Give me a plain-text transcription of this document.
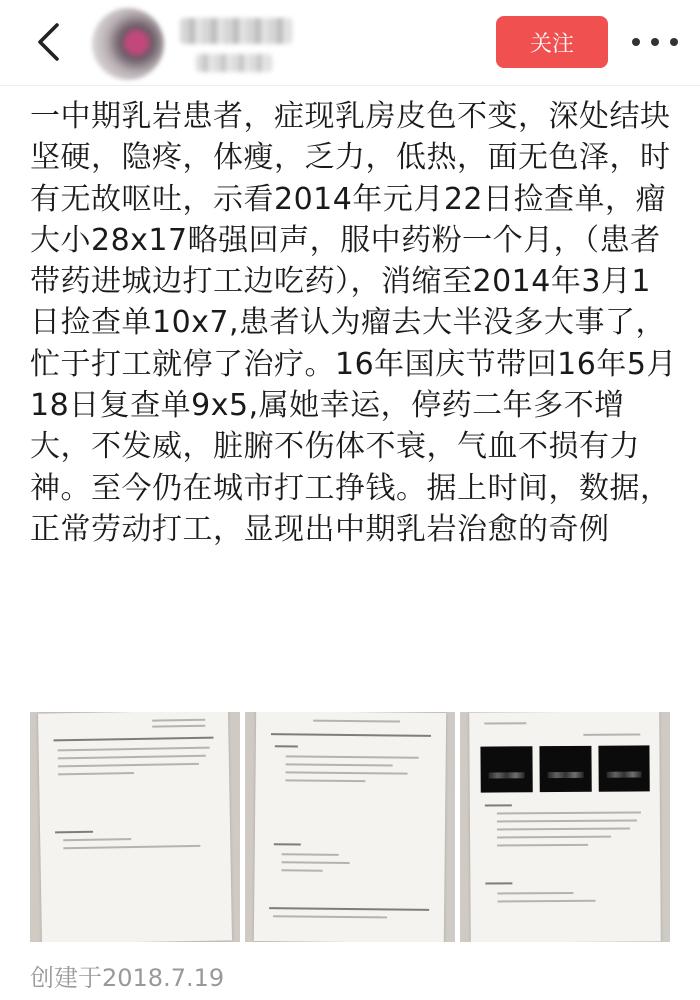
关注
一中期乳岩患者，症现乳房皮色不变，深处结块坚硬，隐疼，体瘦，乏力，低热，面无色泽，时有无故呕吐，示看2014年元月22日捡查单，瘤大小28x17略强回声，服中药粉一个月，（患者带药进城边打工边吃药），消缩至2014年3月1日捡查单10x7,患者认为瘤去大半没多大事了，忙于打工就停了治疗。16年国庆节带回16年5月18日复查单9x5,属她幸运，停药二年多不增大，不发威，脏腑不伤体不衰，气血不损有力神。至今仍在城市打工挣钱。据上时间，数据，正常劳动打工，显现出中期乳岩治愈的奇例
创建于2018.7.19
